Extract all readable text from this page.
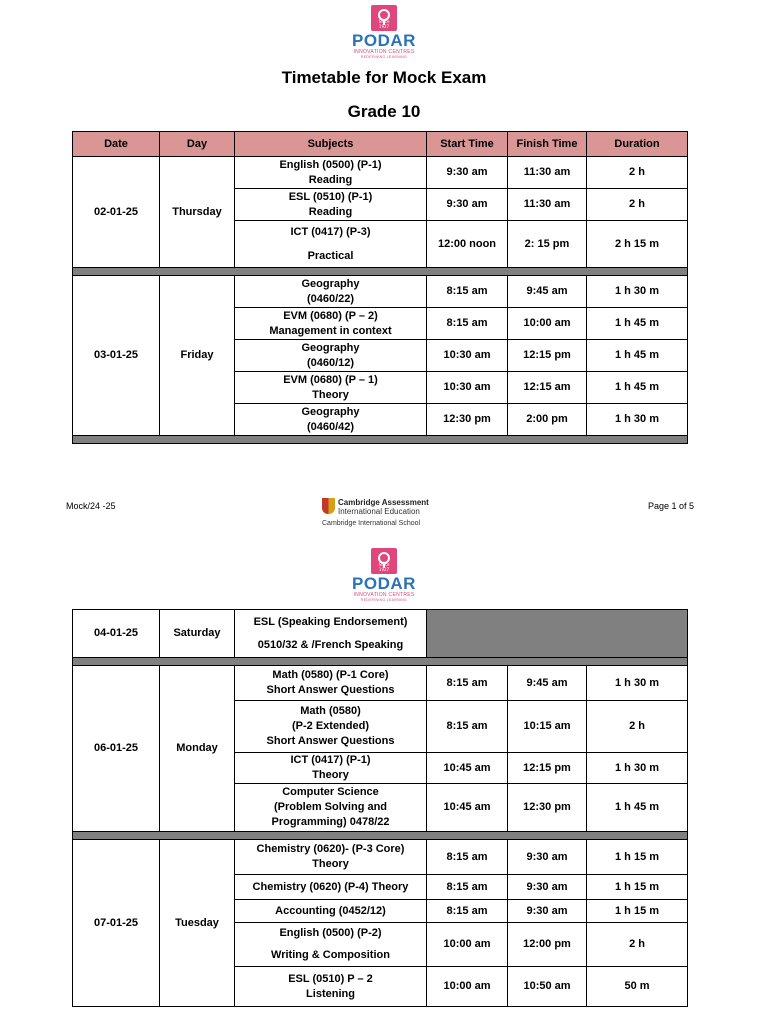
Since 1927
PODAR
INNOVATION CENTRES
REDEFINING LEARNING
Timetable for Mock Exam
Grade 10
Date	Day	Subjects	Start Time	Finish Time	Duration
02-01-25	Thursday	English (0500) (P-1)
Reading	9:30 am	11:30 am	2 h

		ESL (0510) (P-1)
Reading	9:30 am	11:30 am	2 h

		ICT (0417) (P-3)
Practical	12:00 noon	2: 15 pm	2 h 15 m

03-01-25	Friday	Geography
(0460/22)	8:15 am	9:45 am	1 h 30 m

		EVM (0680) (P – 2)
Management in context	8:15 am	10:00 am	1 h 45 m

		Geography
(0460/12)	10:30 am	12:15 pm	1 h 45 m

		EVM (0680) (P – 1)
Theory	10:30 am	12:15 am	1 h 45 m

		Geography
(0460/42)	12:30 pm	2:00 pm	1 h 30 m

Mock/24 -25	Cambridge Assessment
International Education
Cambridge International School
Page 1 of 5
Since 1927
PODAR
INNOVATION CENTRES
REDEFINING LEARNING
04-01-25	Saturday	ESL (Speaking Endorsement)
0510/32 & /French Speaking			

06-01-25	Monday	Math (0580) (P-1 Core)
Short Answer Questions	8:15 am	9:45 am	1 h 30 m

		Math (0580)
(P-2 Extended)
Short Answer Questions	8:15 am	10:15 am	2 h

		ICT (0417) (P-1)
Theory	10:45 am	12:15 pm	1 h 30 m

		Computer Science
(Problem Solving and
Programming) 0478/22	10:45 am	12:30 pm	1 h 45 m

07-01-25	Tuesday	Chemistry (0620)- (P-3 Core)
Theory	8:15 am	9:30 am	1 h 15 m

		Chemistry (0620) (P-4) Theory	8:15 am	9:30 am	1 h 15 m

		Accounting (0452/12)	8:15 am	9:30 am	1 h 15 m

		English (0500) (P-2)
Writing & Composition	10:00 am	12:00 pm	2 h

		ESL (0510) P – 2
Listening	10:00 am	10:50 am	50 m
